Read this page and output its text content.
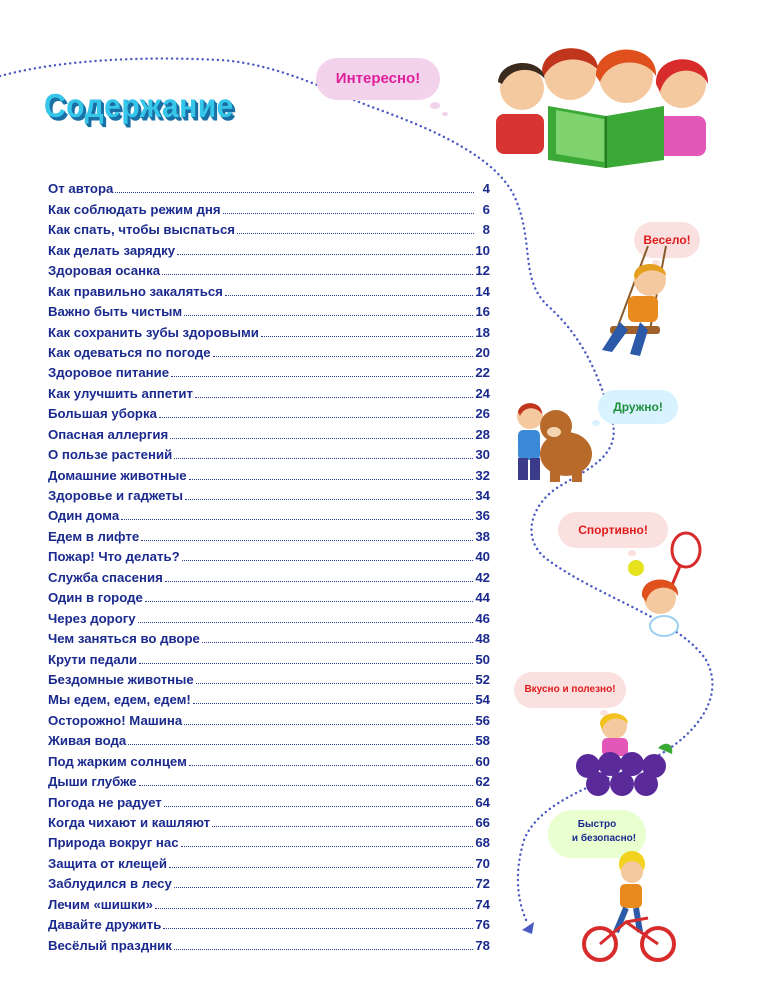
Содержание
От автора	4
Как соблюдать режим дня	6
Как спать, чтобы выспаться	8
Как делать зарядку	10
Здоровая осанка	12
Как правильно закаляться	14
Важно быть чистым	16
Как сохранить зубы здоровыми	18
Как одеваться по погоде	20
Здоровое питание	22
Как улучшить аппетит	24
Большая уборка	26
Опасная аллергия	28
О пользе растений	30
Домашние животные	32
Здоровье и гаджеты	34
Один дома	36
Едем в лифте	38
Пожар! Что делать?	40
Служба спасения	42
Один в городе	44
Через дорогу	46
Чем заняться во дворе	48
Крути педали	50
Бездомные животные	52
Мы едем, едем, едем!	54
Осторожно! Машина	56
Живая вода	58
Под жарким солнцем	60
Дыши глубже	62
Погода не радует	64
Когда чихают и кашляют	66
Природа вокруг нас	68
Защита от клещей	70
Заблудился в лесу	72
Лечим «шишки»	74
Давайте дружить	76
Весёлый праздник	78
Интересно!
Весело!
Дружно!
Спортивно!
Вкусно и полезно!
Быстро
и безопасно!
